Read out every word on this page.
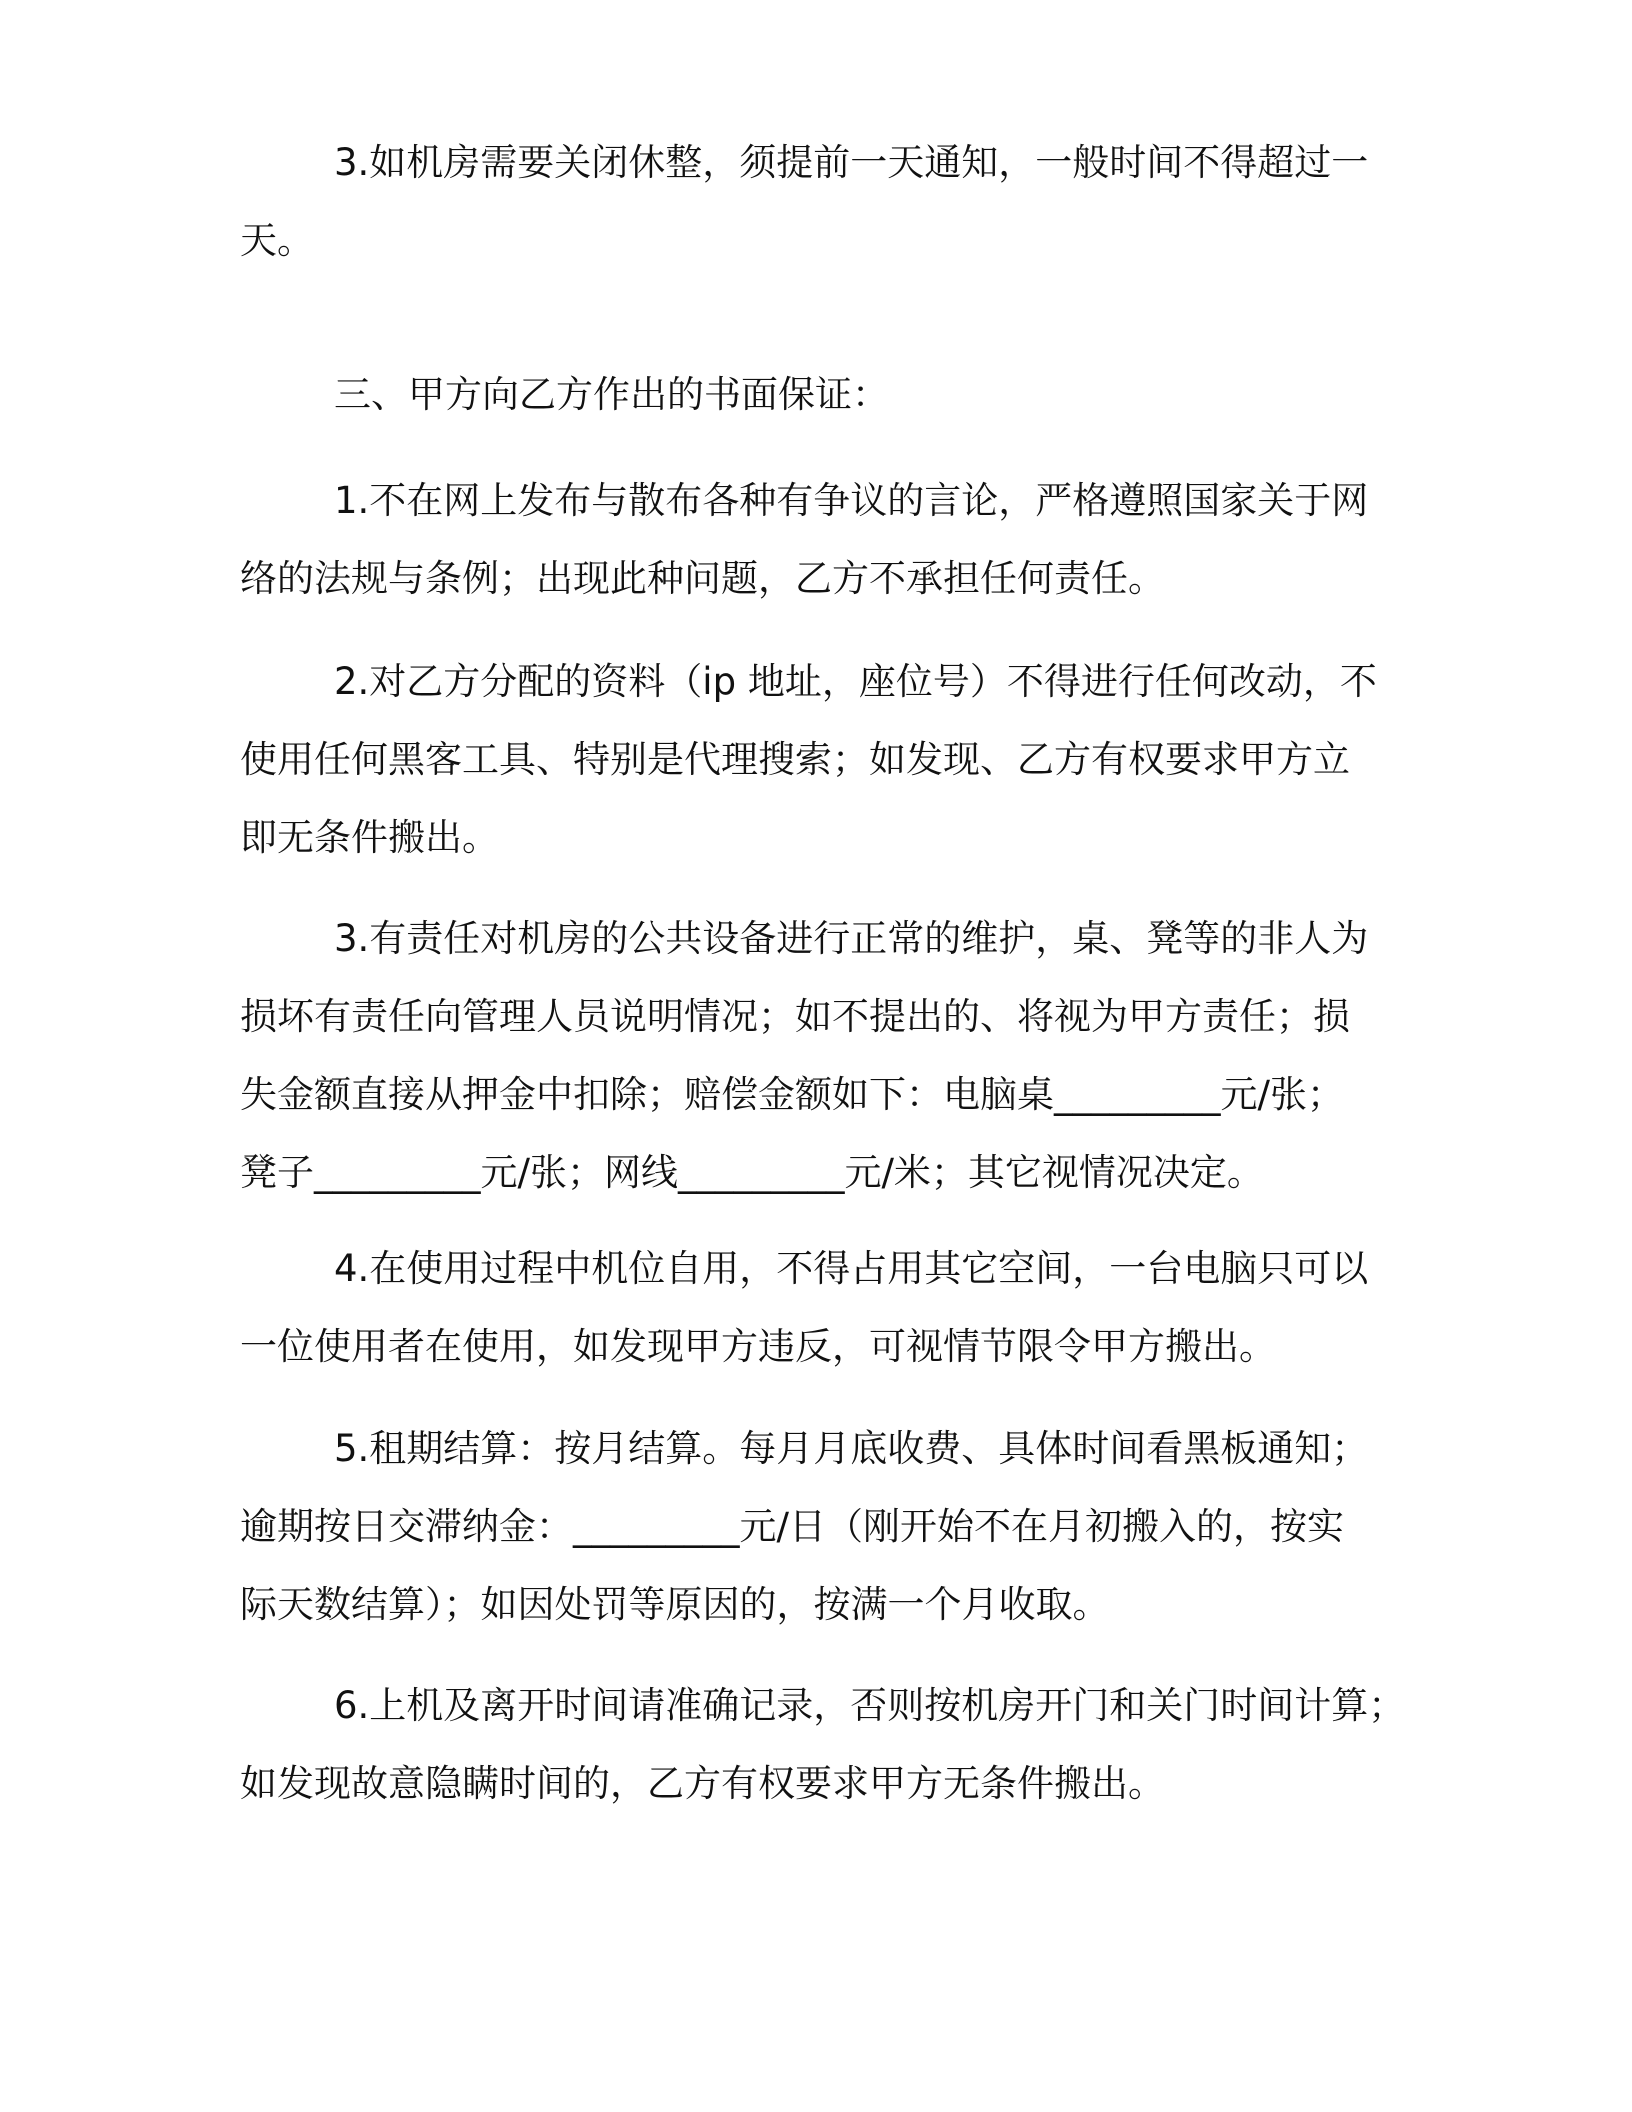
3.如机房需要关闭休整，须提前一天通知，一般时间不得超过一
天。

三、甲方向乙方作出的书面保证：

1.不在网上发布与散布各种有争议的言论，严格遵照国家关于网
络的法规与条例；出现此种问题，乙方不承担任何责任。

2.对乙方分配的资料（ip 地址，座位号）不得进行任何改动，不
使用任何黑客工具、特别是代理搜索；如发现、乙方有权要求甲方立
即无条件搬出。

3.有责任对机房的公共设备进行正常的维护，桌、凳等的非人为
损坏有责任向管理人员说明情况；如不提出的、将视为甲方责任；损
失金额直接从押金中扣除；赔偿金额如下：电脑桌_________元/张；
凳子_________元/张；网线_________元/米；其它视情况决定。

4.在使用过程中机位自用，不得占用其它空间，一台电脑只可以
一位使用者在使用，如发现甲方违反，可视情节限令甲方搬出。

5.租期结算：按月结算。每月月底收费、具体时间看黑板通知；
逾期按日交滞纳金：_________元/日（刚开始不在月初搬入的，按实
际天数结算）；如因处罚等原因的，按满一个月收取。

6.上机及离开时间请准确记录，否则按机房开门和关门时间计算；
如发现故意隐瞒时间的，乙方有权要求甲方无条件搬出。
